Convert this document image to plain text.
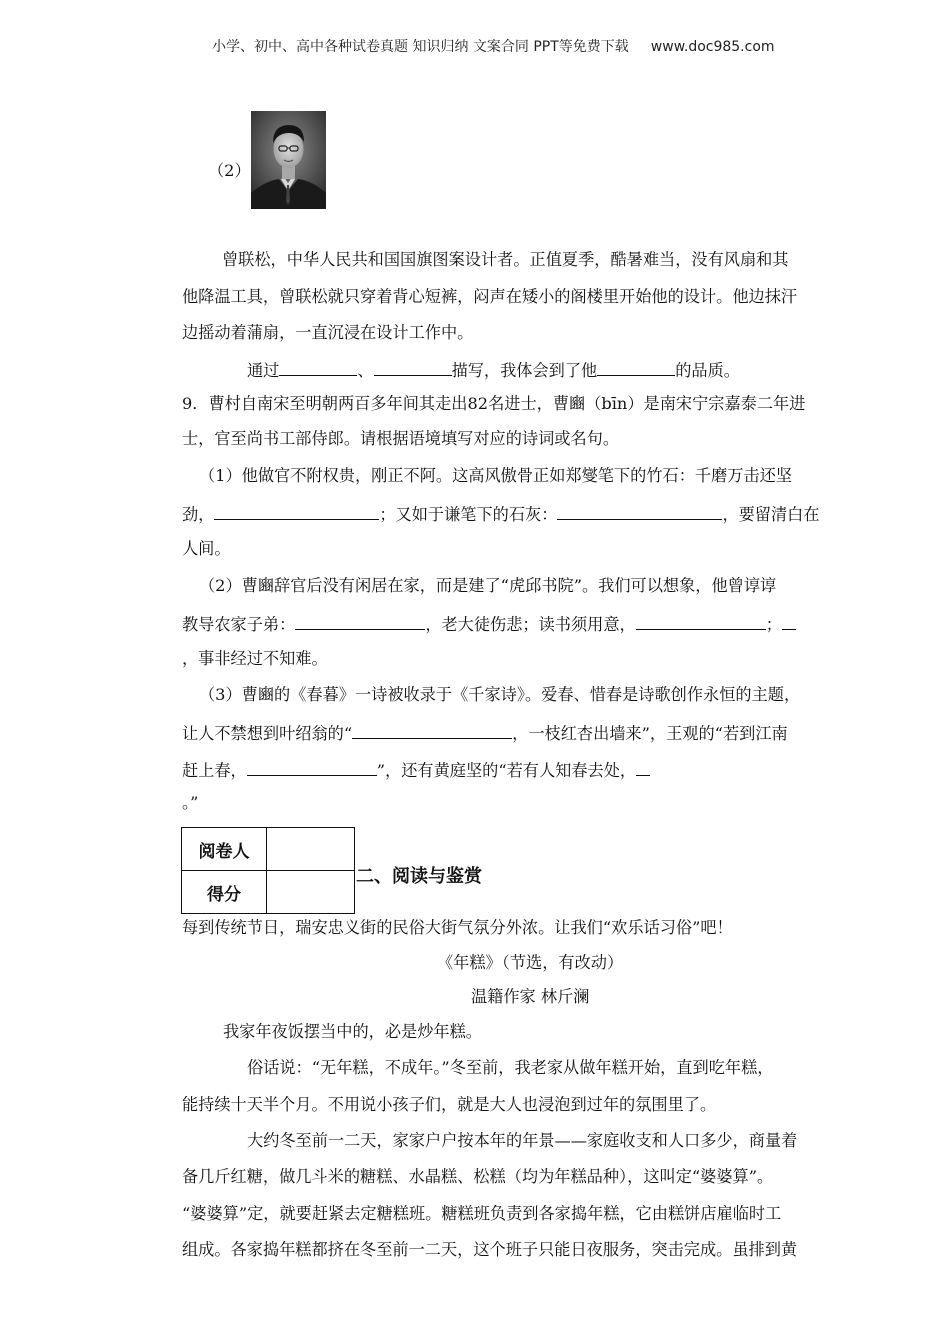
小学、初中、高中各种试卷真题 知识归纳 文案合同 PPT等免费下载 www.doc985.com
（2）
曾联松，中华人民共和国国旗图案设计者。正值夏季，酷暑难当，没有风扇和其
他降温工具，曾联松就只穿着背心短裤，闷声在矮小的阁楼里开始他的设计。他边抹汗
边摇动着蒲扇，一直沉浸在设计工作中。
通过	、	描写，我体会到了他	的品质。
9．曹村自南宋至明朝两百多年间其走出82名进士，曹豳（bīn）是南宋宁宗嘉泰二年进
士，官至尚书工部侍郎。请根据语境填写对应的诗词或名句。
（1）他做官不附权贵，刚正不阿。这高风傲骨正如郑燮笔下的竹石：千磨万击还坚
劲，	；又如于谦笔下的石灰：	，要留清白在
人间。
（2）曹豳辞官后没有闲居在家，而是建了“虎邱书院”。我们可以想象，他曾谆谆
教导农家子弟：	，老大徒伤悲；读书须用意，	；
，事非经过不知难。
（3）曹豳的《春暮》一诗被收录于《千家诗》。爱春、惜春是诗歌创作永恒的主题，
让人不禁想到叶绍翁的“	，一枝红杏出墙来”，王观的“若到江南
赶上春，	”，还有黄庭坚的“若有人知春去处，
。”
阅卷人	
得分	
二、阅读与鉴赏
每到传统节日，瑞安忠义街的民俗大街气氛分外浓。让我们“欢乐话习俗”吧！
《年糕》（节选，有改动）
温籍作家 林斤澜
我家年夜饭摆当中的，必是炒年糕。
俗话说：“无年糕，不成年。”冬至前，我老家从做年糕开始，直到吃年糕，
能持续十天半个月。不用说小孩子们，就是大人也浸泡到过年的氛围里了。
大约冬至前一二天，家家户户按本年的年景——家庭收支和人口多少，商量着
备几斤红糖，做几斗米的糖糕、水晶糕、松糕（均为年糕品种），这叫定“婆婆算”。
“婆婆算”定，就要赶紧去定糖糕班。糖糕班负责到各家捣年糕，它由糕饼店雇临时工
组成。各家捣年糕都挤在冬至前一二天，这个班子只能日夜服务，突击完成。虽排到黄
